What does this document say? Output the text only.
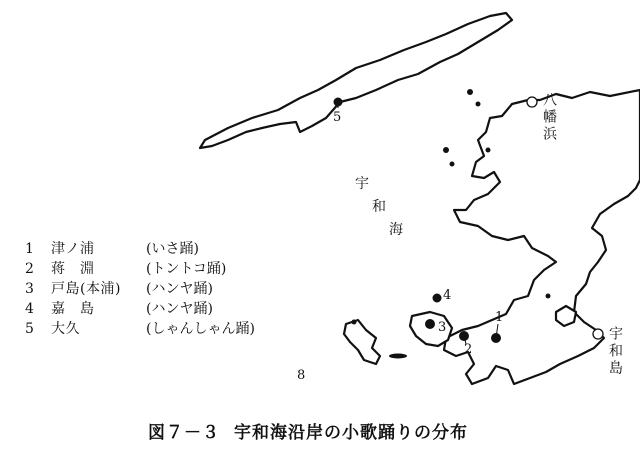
5
1
2
3
4
八幡浜
宇和島
宇
和
海
1	津ノ浦	(いさ踊)
2	蒋　淵	(トントコ踊)
3	戸島(本浦)	(ハンヤ踊)
4	嘉　島	(ハンヤ踊)
5	大久	(しゃんしゃん踊)
8
図７－３ 宇和海沿岸の小歌踊りの分布
